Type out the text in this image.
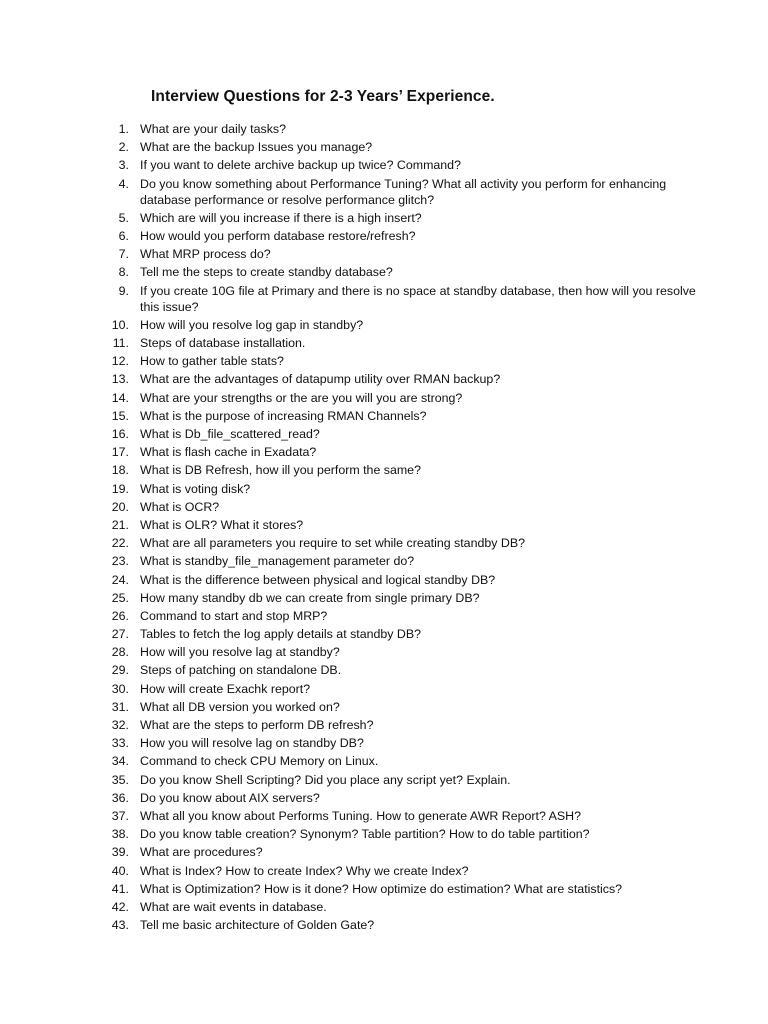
Interview Questions for 2-3 Years’ Experience.
1. What are your daily tasks?
2. What are the backup Issues you manage?
3. If you want to delete archive backup up twice? Command?
4. Do you know something about Performance Tuning? What all activity you perform for enhancing database performance or resolve performance glitch?
5. Which are will you increase if there is a high insert?
6. How would you perform database restore/refresh?
7. What MRP process do?
8. Tell me the steps to create standby database?
9. If you create 10G file at Primary and there is no space at standby database, then how will you resolve this issue?
10. How will you resolve log gap in standby?
11. Steps of database installation.
12. How to gather table stats?
13. What are the advantages of datapump utility over RMAN backup?
14. What are your strengths or the are you will you are strong?
15. What is the purpose of increasing RMAN Channels?
16. What is Db_file_scattered_read?
17. What is flash cache in Exadata?
18. What is DB Refresh, how ill you perform the same?
19. What is voting disk?
20. What is OCR?
21. What is OLR? What it stores?
22. What are all parameters you require to set while creating standby DB?
23. What is standby_file_management parameter do?
24. What is the difference between physical and logical standby DB?
25. How many standby db we can create from single primary DB?
26. Command to start and stop MRP?
27. Tables to fetch the log apply details at standby DB?
28. How will you resolve lag at standby?
29. Steps of patching on standalone DB.
30. How will create Exachk report?
31. What all DB version you worked on?
32. What are the steps to perform DB refresh?
33. How you will resolve lag on standby DB?
34. Command to check CPU Memory on Linux.
35. Do you know Shell Scripting? Did you place any script yet? Explain.
36. Do you know about AIX servers?
37. What all you know about Performs Tuning. How to generate AWR Report? ASH?
38. Do you know table creation? Synonym? Table partition? How to do table partition?
39. What are procedures?
40. What is Index? How to create Index? Why we create Index?
41. What is Optimization? How is it done? How optimize do estimation? What are statistics?
42. What are wait events in database.
43. Tell me basic architecture of Golden Gate?
